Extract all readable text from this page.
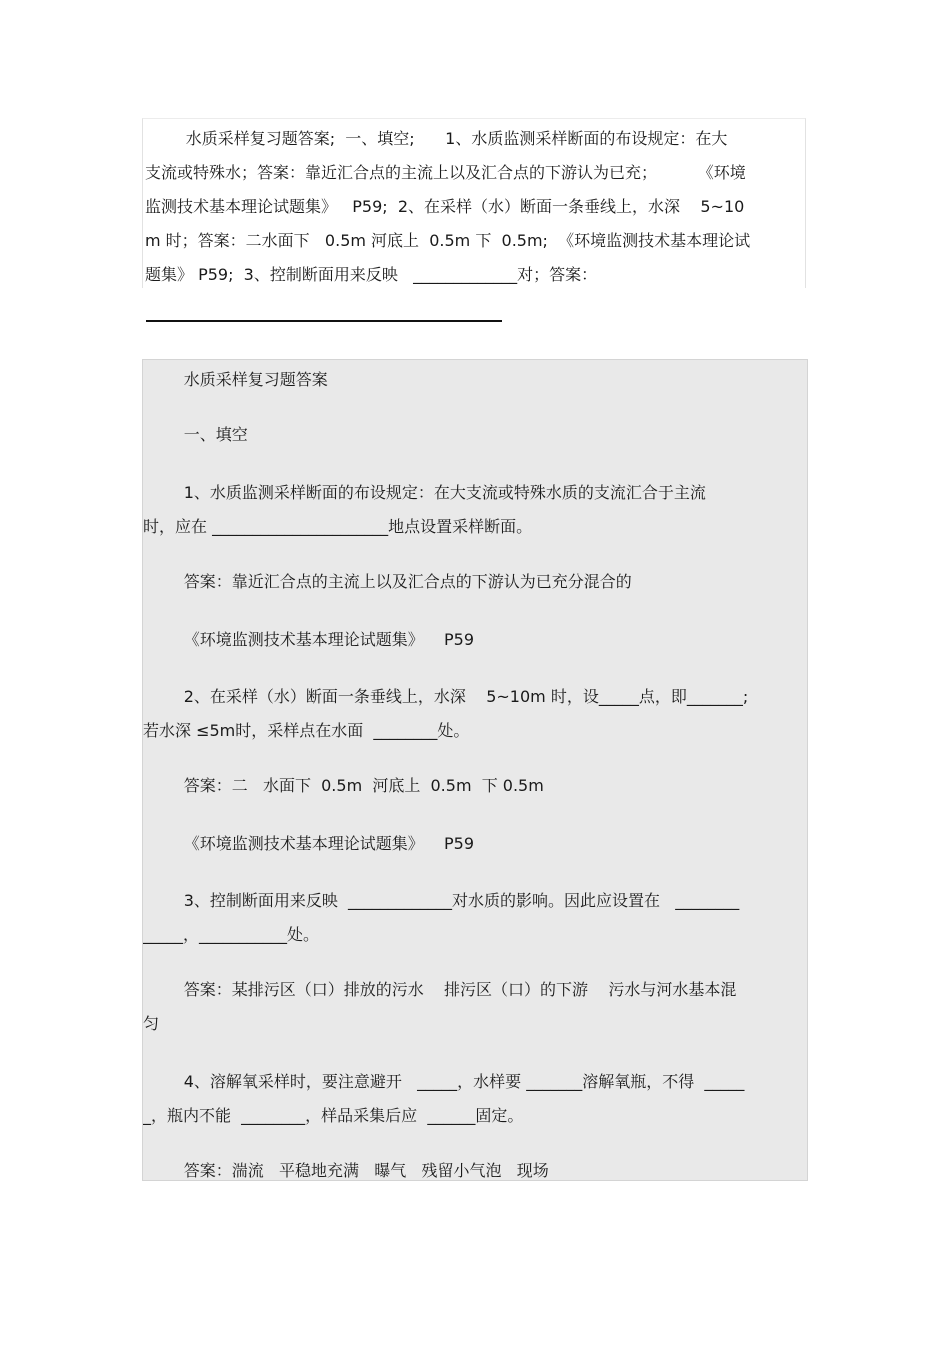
水质采样复习题答案;  一、填空;      1、水质监测采样断面的布设规定：在大
支流或特殊水；答案：靠近汇合点的主流上以及汇合点的下游认为已充；        《环境
监测技术基本理论试题集》   P59;  2、在采样（水）断面一条垂线上，水深    5~10
m 时；答案：二水面下   0.5m 河底上  0.5m 下  0.5m;  《环境监测技术基本理论试
题集》 P59;  3、控制断面用来反映   _____________对；答案：
水质采样复习题答案
一、填空
1、水质监测采样断面的布设规定：在大支流或特殊水质的支流汇合于主流
时，应在 ______________________地点设置采样断面。
答案：靠近汇合点的主流上以及汇合点的下游认为已充分混合的
《环境监测技术基本理论试题集》    P59
2、在采样（水）断面一条垂线上，水深    5~10m 时，设_____点，即_______;
若水深 ≤5m时，采样点在水面  ________处。
答案：二   水面下  0.5m  河底上  0.5m  下 0.5m
《环境监测技术基本理论试题集》    P59
3、控制断面用来反映  _____________对水质的影响。因此应设置在   ________
_____，___________处。
答案：某排污区（口）排放的污水    排污区（口）的下游    污水与河水基本混
匀
4、溶解氧采样时，要注意避开   _____，水样要 _______溶解氧瓶，不得  _____
_，瓶内不能  ________，样品采集后应  ______固定。
答案：湍流   平稳地充满   曝气   残留小气泡   现场
